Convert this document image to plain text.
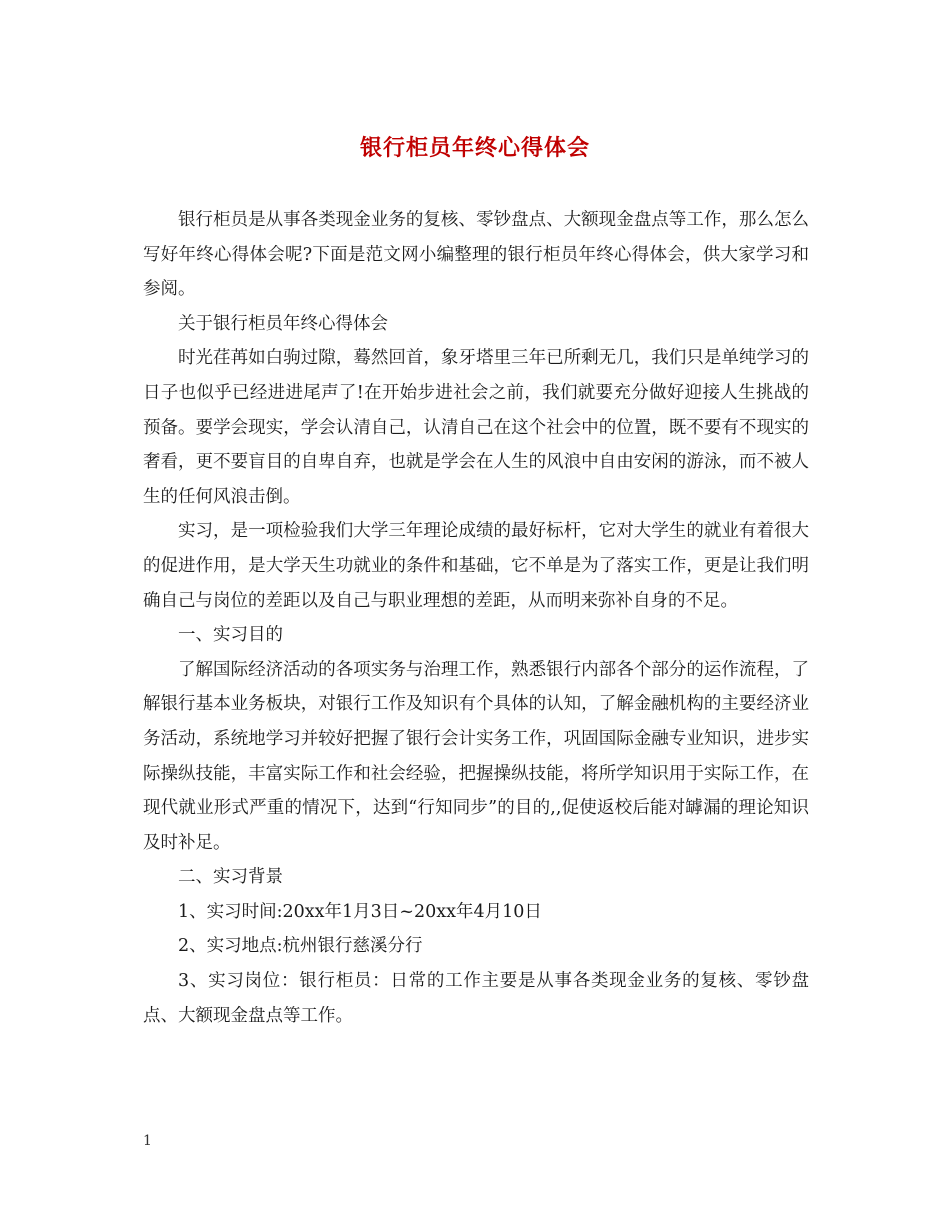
银行柜员年终心得体会

银行柜员是从事各类现金业务的复核、零钞盘点、大额现金盘点等工作，那么怎么写好年终心得体会呢?下面是范文网小编整理的银行柜员年终心得体会，供大家学习和参阅。

关于银行柜员年终心得体会

时光荏苒如白驹过隙，蓦然回首，象牙塔里三年已所剩无几，我们只是单纯学习的日子也似乎已经进进尾声了!在开始步进社会之前，我们就要充分做好迎接人生挑战的预备。要学会现实，学会认清自己，认清自己在这个社会中的位置，既不要有不现实的奢看，更不要盲目的自卑自弃，也就是学会在人生的风浪中自由安闲的游泳，而不被人生的任何风浪击倒。

实习，是一项检验我们大学三年理论成绩的最好标杆，它对大学生的就业有着很大的促进作用，是大学天生功就业的条件和基础，它不单是为了落实工作，更是让我们明确自己与岗位的差距以及自己与职业理想的差距，从而明来弥补自身的不足。

一、实习目的

了解国际经济活动的各项实务与治理工作，熟悉银行内部各个部分的运作流程，了解银行基本业务板块，对银行工作及知识有个具体的认知，了解金融机构的主要经济业务活动，系统地学习并较好把握了银行会计实务工作，巩固国际金融专业知识，进步实际操纵技能，丰富实际工作和社会经验，把握操纵技能，将所学知识用于实际工作，在现代就业形式严重的情况下，达到“行知同步”的目的,,促使返校后能对罅漏的理论知识及时补足。

二、实习背景

1、实习时间:20xx年1月3日~20xx年4月10日

2、实习地点:杭州银行慈溪分行

3、实习岗位：银行柜员：日常的工作主要是从事各类现金业务的复核、零钞盘点、大额现金盘点等工作。

1
